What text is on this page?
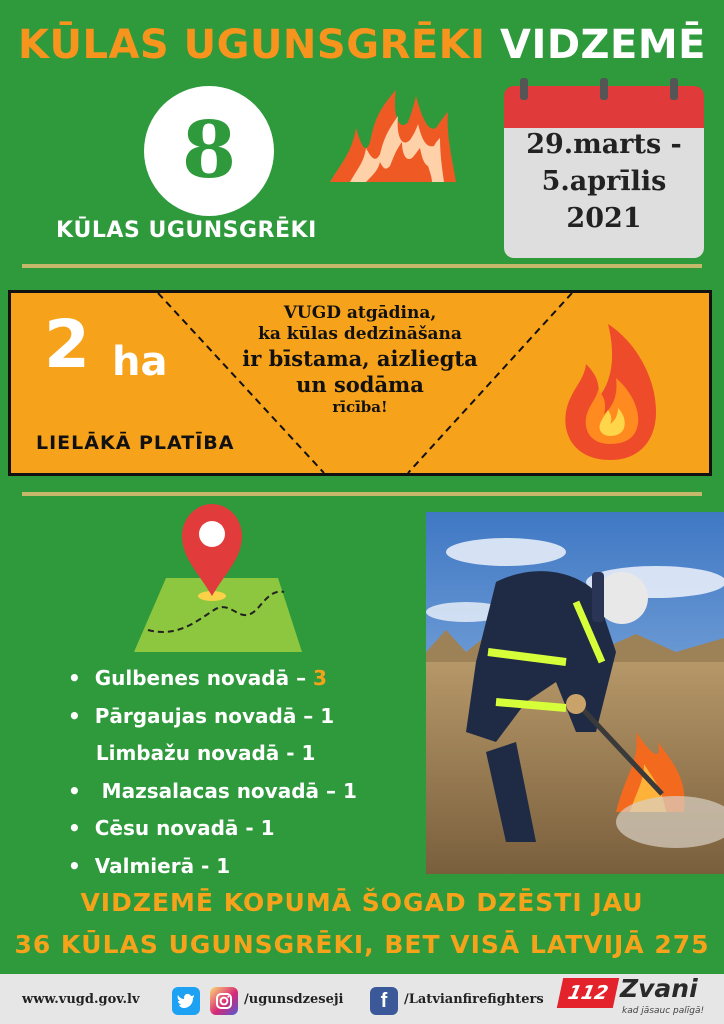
KŪLAS UGUNSGRĒKI VIDZEMĒ
8
KŪLAS UGUNSGRĒKI
29.marts -
5.aprīlis
2021
2 ha
LIELĀKĀ PLATĪBA
VUGD atgādina,
ka kūlas dedzināšana
ir bīstama, aizliegta
un sodāma
rīcība!
•  Gulbenes novadā – 3
•  Pārgaujas novadā – 1
Limbažu novadā - 1
•   Mazsalacas novadā – 1
•  Cēsu novadā - 1
•  Valmierā - 1
VIDZEMĒ KOPUMĀ ŠOGAD DZĒSTI JAU
36 KŪLAS UGUNSGRĒKI, BET VISĀ LATVIJĀ 275
www.vugd.gov.lv	/ugunsdzeseji f /Latvianfirefighters 112 Zvani
kad jāsauc palīgā!
